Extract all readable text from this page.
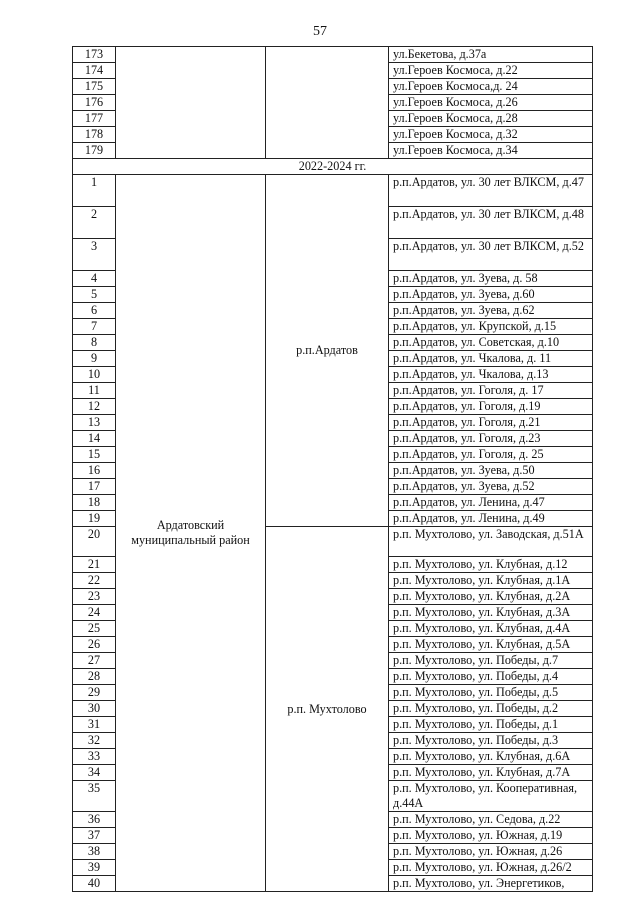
57
173			ул.Бекетова, д.37а
174			ул.Героев Космоса, д.22
175			ул.Героев Космоса,д. 24
176			ул.Героев Космоса, д.26
177			ул.Героев Космоса, д.28
178			ул.Героев Космоса, д.32
179			ул.Героев Космоса, д.34
2022-2024 гг.			
1	Ардатовский муниципальный район	р.п.Ардатов	р.п.Ардатов, ул. 30 лет ВЛКСМ, д.47
2			р.п.Ардатов, ул. 30 лет ВЛКСМ, д.48
3			р.п.Ардатов, ул. 30 лет ВЛКСМ, д.52
4			р.п.Ардатов, ул. Зуева, д. 58
5			р.п.Ардатов, ул. Зуева, д.60
6			р.п.Ардатов, ул. Зуева, д.62
7			р.п.Ардатов, ул. Крупской, д.15
8			р.п.Ардатов, ул. Советская, д.10
9			р.п.Ардатов, ул. Чкалова, д. 11
10			р.п.Ардатов, ул. Чкалова, д.13
11			р.п.Ардатов, ул. Гоголя, д. 17
12			р.п.Ардатов, ул. Гоголя, д.19
13			р.п.Ардатов, ул. Гоголя, д.21
14			р.п.Ардатов, ул. Гоголя, д.23
15			р.п.Ардатов, ул. Гоголя, д. 25
16			р.п.Ардатов, ул. Зуева, д.50
17			р.п.Ардатов, ул. Зуева, д.52
18			р.п.Ардатов, ул. Ленина, д.47
19			р.п.Ардатов, ул. Ленина, д.49
20		р.п. Мухтолово	р.п. Мухтолово, ул. Заводская, д.51А
21			р.п. Мухтолово, ул. Клубная, д.12
22			р.п. Мухтолово, ул. Клубная, д.1А
23			р.п. Мухтолово, ул. Клубная, д.2А
24			р.п. Мухтолово, ул. Клубная, д.3А
25			р.п. Мухтолово, ул. Клубная, д.4А
26			р.п. Мухтолово, ул. Клубная, д.5А
27			р.п. Мухтолово, ул. Победы, д.7
28			р.п. Мухтолово, ул. Победы, д.4
29			р.п. Мухтолово, ул. Победы, д.5
30			р.п. Мухтолово, ул. Победы, д.2
31			р.п. Мухтолово, ул. Победы, д.1
32			р.п. Мухтолово, ул. Победы, д.3
33			р.п. Мухтолово, ул. Клубная, д.6А
34			р.п. Мухтолово, ул. Клубная, д.7А
35			р.п. Мухтолово, ул. Кооперативная, д.44А
36			р.п. Мухтолово, ул. Седова, д.22
37			р.п. Мухтолово, ул. Южная, д.19
38			р.п. Мухтолово, ул. Южная, д.26
39			р.п. Мухтолово, ул. Южная, д.26/2
40			р.п. Мухтолово, ул. Энергетиков,
